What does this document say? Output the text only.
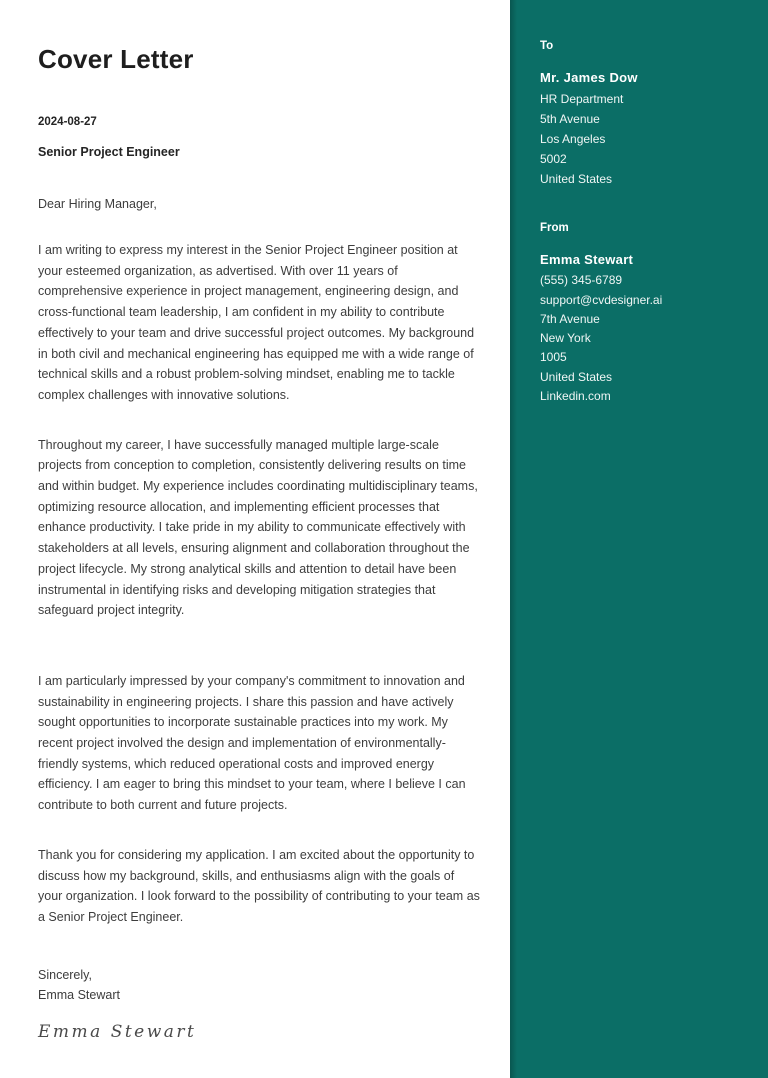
Cover Letter
2024-08-27
Senior Project Engineer
Dear Hiring Manager,

I am writing to express my interest in the Senior Project Engineer position at your esteemed organization, as advertised. With over 11 years of comprehensive experience in project management, engineering design, and cross-functional team leadership, I am confident in my ability to contribute effectively to your team and drive successful project outcomes. My background in both civil and mechanical engineering has equipped me with a wide range of technical skills and a robust problem-solving mindset, enabling me to tackle complex challenges with innovative solutions.

Throughout my career, I have successfully managed multiple large-scale projects from conception to completion, consistently delivering results on time and within budget. My experience includes coordinating multidisciplinary teams, optimizing resource allocation, and implementing efficient processes that enhance productivity. I take pride in my ability to communicate effectively with stakeholders at all levels, ensuring alignment and collaboration throughout the project lifecycle. My strong analytical skills and attention to detail have been instrumental in identifying risks and developing mitigation strategies that safeguard project integrity.

I am particularly impressed by your company's commitment to innovation and sustainability in engineering projects. I share this passion and have actively sought opportunities to incorporate sustainable practices into my work. My recent project involved the design and implementation of environmentally-friendly systems, which reduced operational costs and improved energy efficiency. I am eager to bring this mindset to your team, where I believe I can contribute to both current and future projects.

Thank you for considering my application. I am excited about the opportunity to discuss how my background, skills, and enthusiasms align with the goals of your organization. I look forward to the possibility of contributing to your team as a Senior Project Engineer.

Sincerely,
Emma Stewart
Emma Stewart
To
Mr. James Dow
HR Department
5th Avenue
Los Angeles
5002
United States
From
Emma Stewart
(555) 345-6789
support@cvdesigner.ai
7th Avenue
New York
1005
United States
Linkedin.com
